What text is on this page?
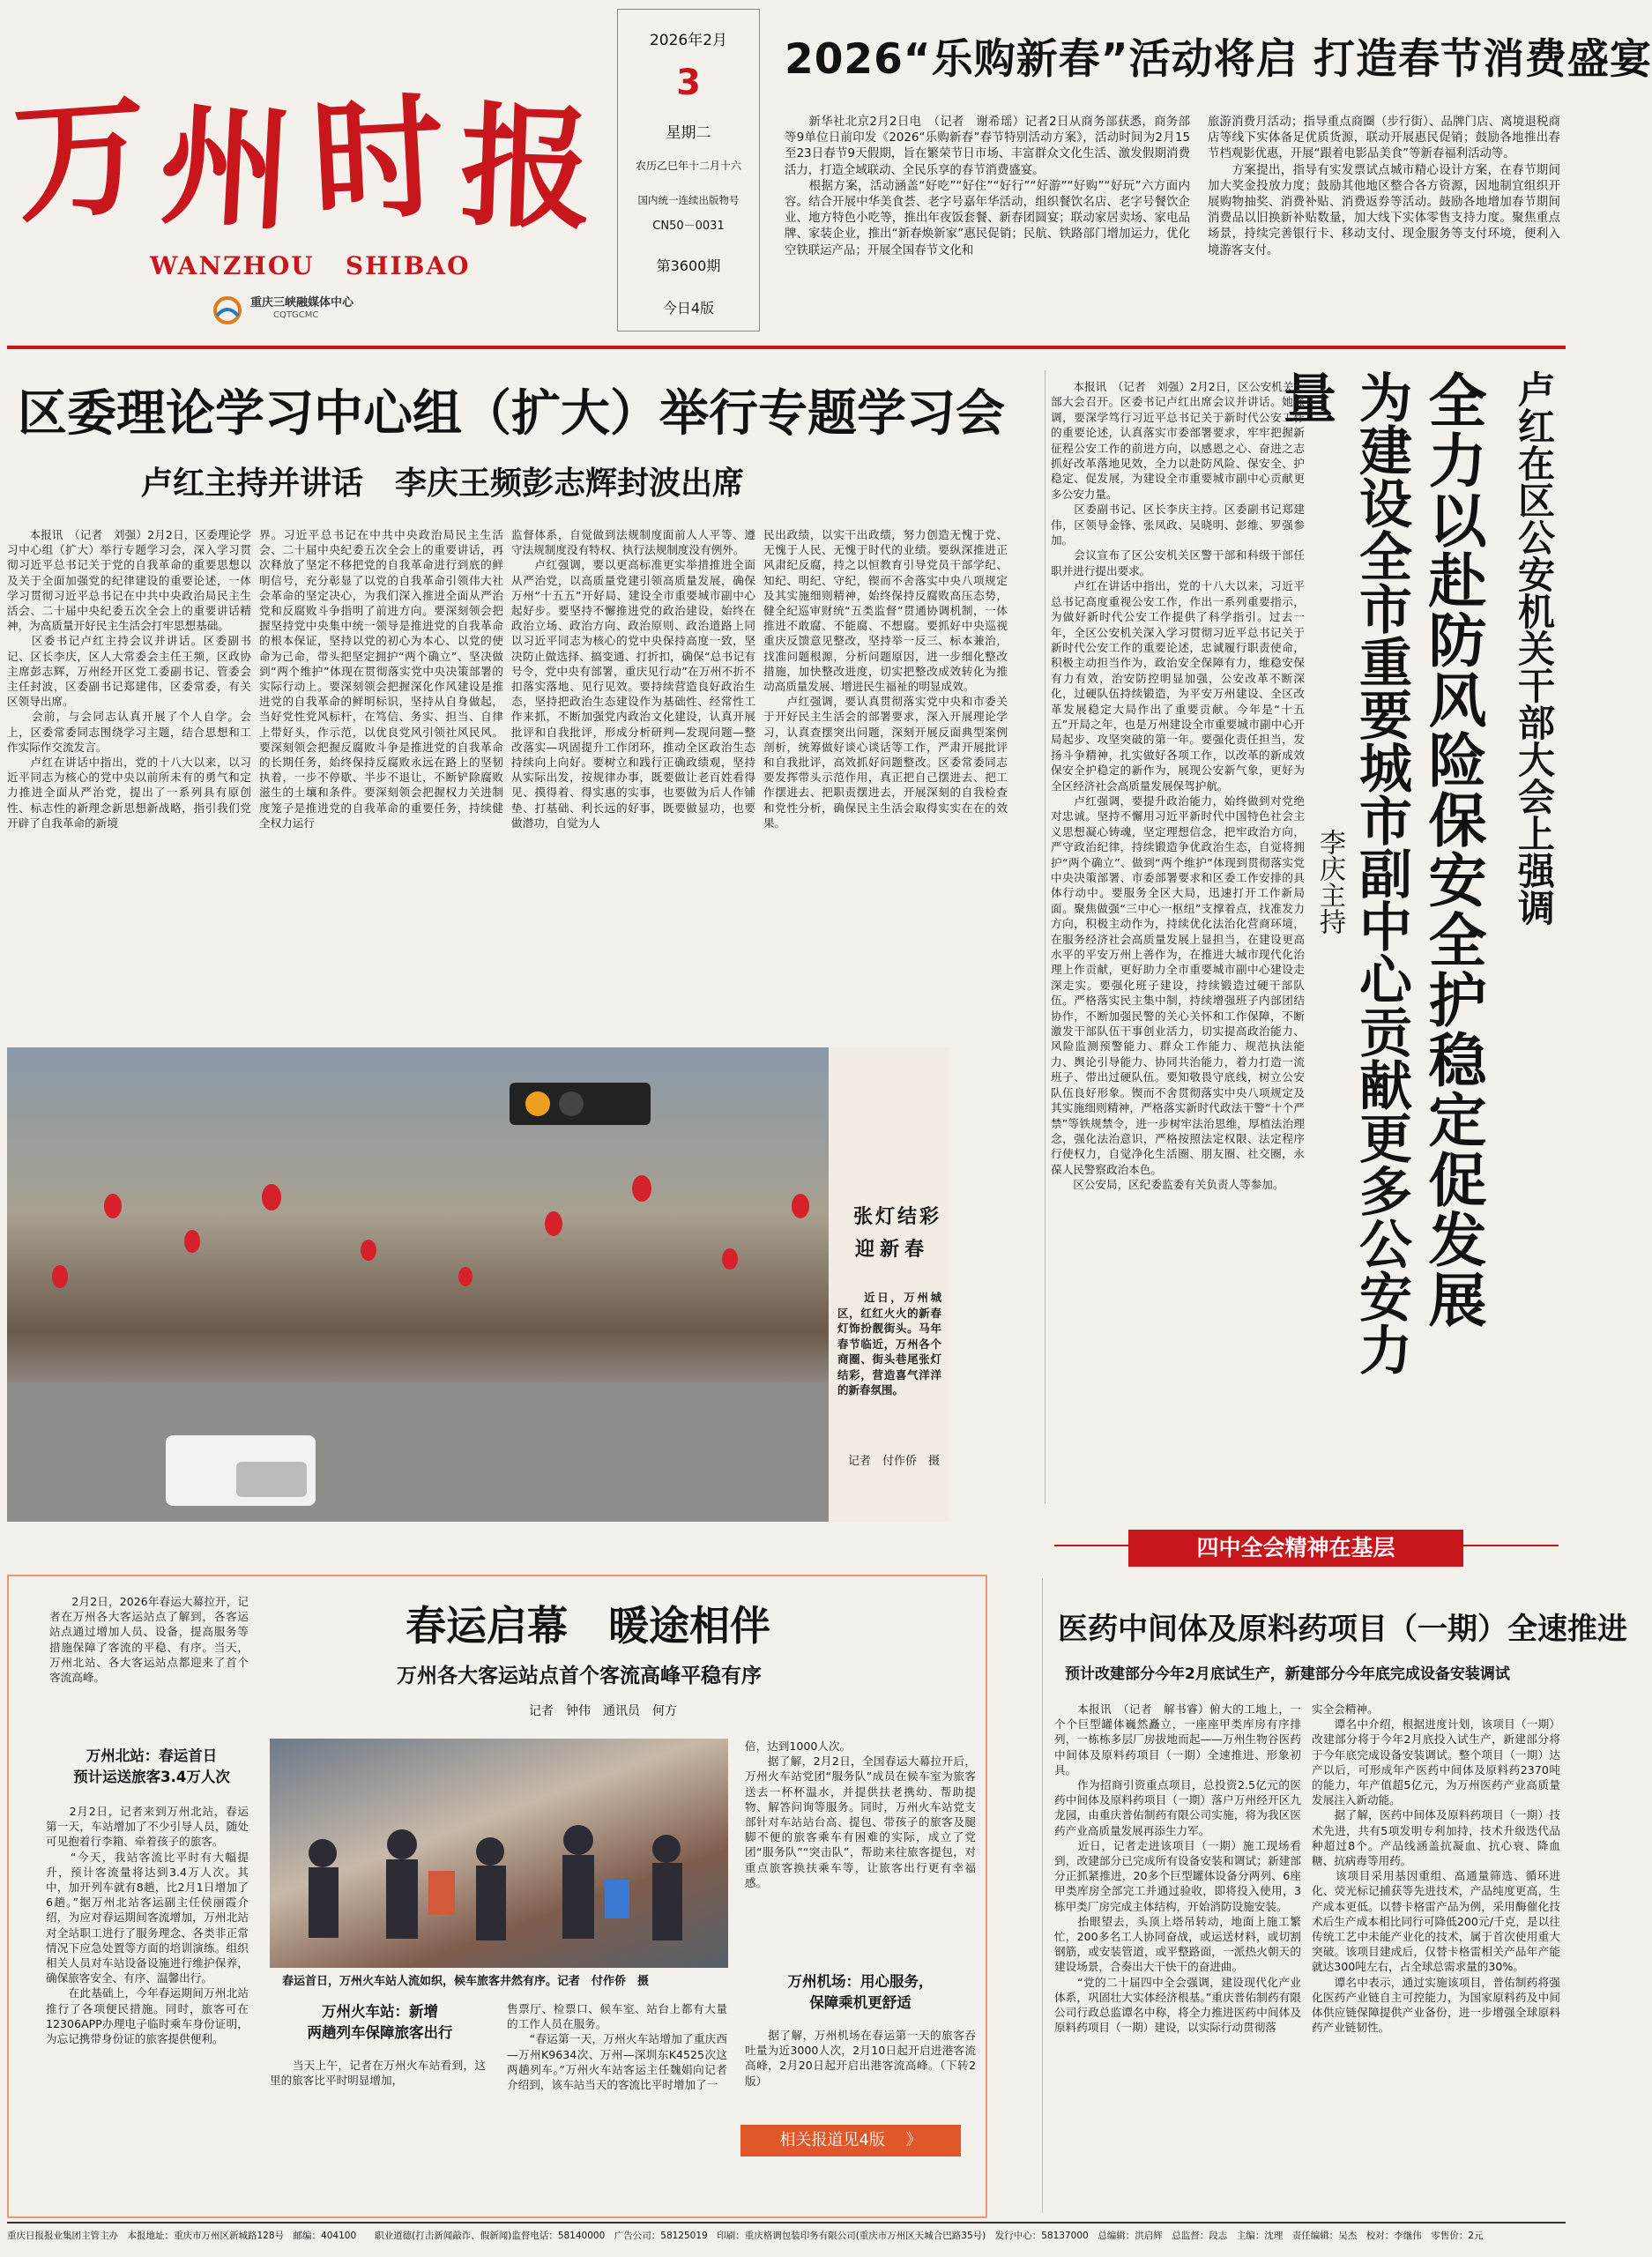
万 州 时 报
WANZHOU   SHIBAO
重庆三峡融媒体中心
CQTGCMC
2026年2月
3
星期二
农历乙巳年十二月十六
国内统一连续出版物号
CN50－0031
第3600期
今日4版
2026“乐购新春”活动将启 打造春节消费盛宴
　　新华社北京2月2日电　（记者　谢希瑶）记者2日从商务部获悉，商务部等9单位日前印发《2026“乐购新春”春节特别活动方案》，活动时间为2月15至23日春节9天假期，旨在繁荣节日市场、丰富群众文化生活、激发假期消费活力，打造全域联动、全民乐享的春节消费盛宴。
　　根据方案，活动涵盖“好吃”“好住”“好行”“好游”“好购”“好玩”六方面内容。结合开展中华美食荟、老字号嘉年华活动，组织餐饮名店、老字号餐饮企业、地方特色小吃等，推出年夜饭套餐、新春团圆宴；联动家居卖场、家电品牌、家装企业，推出“新春焕新家”惠民促销；民航、铁路部门增加运力，优化空铁联运产品；开展全国春节文化和
旅游消费月活动；指导重点商圈（步行街）、品牌门店、离境退税商店等线下实体备足优质货源，联动开展惠民促销；鼓励各地推出春节档观影优惠，开展“跟着电影品美食”等新春福利活动等。
　　方案提出，指导有实发票试点城市精心设计方案，在春节期间加大奖金投放力度；鼓励其他地区整合各方资源，因地制宜组织开展购物抽奖、消费补贴、消费返券等活动。鼓励各地增加春节期间消费品以旧换新补贴数量，加大线下实体零售支持力度。聚焦重点场景，持续完善银行卡、移动支付、现金服务等支付环境，便利入境游客支付。
区委理论学习中心组（扩大）举行专题学习会
卢红主持并讲话　李庆王频彭志辉封波出席
　　本报讯　（记者　刘强）2月2日，区委理论学习中心组（扩大）举行专题学习会，深入学习贯彻习近平总书记关于党的自我革命的重要思想以及关于全面加强党的纪律建设的重要论述，一体学习贯彻习近平总书记在中共中央政治局民主生活会、二十届中央纪委五次全会上的重要讲话精神，为高质量开好民主生活会打牢思想基础。
　　区委书记卢红主持会议并讲话。区委副书记、区长李庆，区人大常委会主任王频，区政协主席彭志辉，万州经开区党工委副书记、管委会主任封波，区委副书记郑建伟，区委常委，有关区领导出席。
　　会前，与会同志认真开展了个人自学。会上，区委常委同志围绕学习主题，结合思想和工作实际作交流发言。
　　卢红在讲话中指出，党的十八大以来，以习近平同志为核心的党中央以前所未有的勇气和定力推进全面从严治党，提出了一系列具有原创性、标志性的新理念新思想新战略，指引我们党开辟了自我革命的新境
界。习近平总书记在中共中央政治局民主生活会、二十届中央纪委五次全会上的重要讲话，再次释放了坚定不移把党的自我革命进行到底的鲜明信号，充分彰显了以党的自我革命引领伟大社会革命的坚定决心，为我们深入推进全面从严治党和反腐败斗争指明了前进方向。要深刻领会把握坚持党中央集中统一领导是推进党的自我革命的根本保证，坚持以党的初心为本心、以党的使命为己命，带头把坚定拥护“两个确立”、坚决做到“两个维护”体现在贯彻落实党中央决策部署的实际行动上。要深刻领会把握深化作风建设是推进党的自我革命的鲜明标识，坚持从自身做起，当好党性党风标杆，在笃信、务实、担当、自律上带好头，作示范，以优良党风引领社风民风。要深刻领会把握反腐败斗争是推进党的自我革命的长期任务，始终保持反腐败永远在路上的坚韧执着，一步不停歇、半步不退让，不断铲除腐败滋生的土壤和条件。要深刻领会把握权力关进制度笼子是推进党的自我革命的重要任务，持续健全权力运行
监督体系，自觉做到法规制度面前人人平等、遵守法规制度没有特权、执行法规制度没有例外。
　　卢红强调，要以更高标准更实举措推进全面从严治党，以高质量党建引领高质量发展，确保万州“十五五”开好局、建设全市重要城市副中心起好步。要坚持不懈推进党的政治建设，始终在政治立场、政治方向、政治原则、政治道路上同以习近平同志为核心的党中央保持高度一致，坚决防止做选择、搞变通、打折扣，确保“总书记有号令，党中央有部署，重庆见行动”在万州不折不扣落实落地、见行见效。要持续营造良好政治生态，坚持把政治生态建设作为基础性、经常性工作来抓，不断加强党内政治文化建设，认真开展批评和自我批评，形成分析研判—发现问题—整改落实—巩固提升工作闭环，推动全区政治生态持续向上向好。要树立和践行正确政绩观，坚持从实际出发，按规律办事，既要做让老百姓看得见、摸得着、得实惠的实事，也要做为后人作铺垫、打基础、利长远的好事，既要做显功，也要做潜功，自觉为人
民出政绩，以实干出政绩，努力创造无愧于党、无愧于人民、无愧于时代的业绩。要纵深推进正风肃纪反腐，持之以恒教育引导党员干部学纪、知纪、明纪、守纪，锲而不舍落实中央八项规定及其实施细则精神，始终保持反腐败高压态势，健全纪巡审财统“五类监督”贯通协调机制，一体推进不敢腐、不能腐、不想腐。要抓好中央巡视重庆反馈意见整改，坚持举一反三、标本兼治，找准问题根源，分析问题原因，进一步细化整改措施，加快整改进度，切实把整改成效转化为推动高质量发展、增进民生福祉的明显成效。
　　卢红强调，要认真贯彻落实党中央和市委关于开好民主生活会的部署要求，深入开展理论学习，认真查摆突出问题，深刻开展反面典型案例剖析，统筹做好谈心谈话等工作，严肃开展批评和自我批评，高效抓好问题整改。区委常委同志要发挥带头示范作用，真正把自己摆进去、把工作摆进去、把职责摆进去，开展深刻的自我检查和党性分析，确保民主生活会取得实实在在的效果。	卢红在区公安机关干部大会上强调
全力以赴防风险保安全护稳定促发展
为建设全市重要城市副中心贡献更多公安力量
李庆主持
　　本报讯　（记者　刘强）2月2日，区公安机关干部大会召开。区委书记卢红出席会议并讲话。她强调，要深学笃行习近平总书记关于新时代公安工作的重要论述，认真落实市委部署要求，牢牢把握新征程公安工作的前进方向，以感恩之心、奋进之志抓好改革落地见效，全力以赴防风险、保安全、护稳定、促发展，为建设全市重要城市副中心贡献更多公安力量。
　　区委副书记、区长李庆主持。区委副书记郑建伟，区领导金锋、张凤政、吴晓明、彭维、罗强参加。
　　会议宣布了区公安机关区警干部和科级干部任职并进行提出要求。
　　卢红在讲话中指出，党的十八大以来，习近平总书记高度重视公安工作，作出一系列重要指示，为做好新时代公安工作提供了科学指引。过去一年，全区公安机关深入学习贯彻习近平总书记关于新时代公安工作的重要论述，忠诚履行职责使命，积极主动担当作为，政治安全保障有力，维稳安保有力有效，治安防控明显加强，公安改革不断深化，过硬队伍持续锻造，为平安万州建设、全区改革发展稳定大局作出了重要贡献。今年是“十五五”开局之年，也是万州建设全市重要城市副中心开局起步、攻坚突破的第一年。要强化责任担当，发扬斗争精神，扎实做好各项工作，以改革的新成效保安全护稳定的新作为，展现公安新气象，更好为全区经济社会高质量发展保驾护航。
　　卢红强调，要提升政治能力，始终做到对党绝对忠诚。坚持不懈用习近平新时代中国特色社会主义思想凝心铸魂，坚定理想信念，把牢政治方向，严守政治纪律，持续锻造争优政治生态，自觉将拥护“两个确立”、做到“两个维护”体现到贯彻落实党中央决策部署、市委部署要求和区委工作安排的具体行动中。要服务全区大局，迅速打开工作新局面。聚焦做强“三中心一枢纽”支撑着点，找准发力方向，积极主动作为，持续优化法治化营商环境，在服务经济社会高质量发展上显担当，在建设更高水平的平安万州上善作为，在推进大城市现代化治理上作贡献，更好助力全市重要城市副中心建设走深走实。要强化班子建设，持续锻造过硬干部队伍。严格落实民主集中制，持续增强班子内部团结协作，不断加强民警的关心关怀和工作保障，不断激发干部队伍干事创业活力，切实提高政治能力、风险监测预警能力、群众工作能力、规范执法能力、舆论引导能力、协同共治能力，着力打造一流班子、带出过硬队伍。要知敬畏守底线，树立公安队伍良好形象。锲而不舍贯彻落实中央八项规定及其实施细则精神，严格落实新时代政法干警“十个严禁”等铁规禁令，进一步树牢法治思维，厚植法治理念，强化法治意识，严格按照法定权限、法定程序行使权力，自觉净化生活圈、朋友圈、社交圈，永葆人民警察政治本色。
　　区公安局，区纪委监委有关负责人等参加。
张灯结彩
迎新春
　　近日，万州城区，红红火火的新春灯饰扮靓街头。马年春节临近，万州各个商圈、街头巷尾张灯结彩，营造喜气洋洋的新春氛围。
记者　付作侨　摄
　　2月2日，2026年春运大幕拉开，记者在万州各大客运站点了解到，各客运站点通过增加人员、设备，提高服务等措施保障了客流的平稳、有序。当天，万州北站、各大客运站点都迎来了首个客流高峰。
春运启幕　暖途相伴
万州各大客运站点首个客流高峰平稳有序
记者　钟伟　通讯员　何方
万州北站：春运首日
预计运送旅客3.4万人次
　　2月2日，记者来到万州北站，春运第一天，车站增加了不少引导人员，随处可见抱着行李箱、牵着孩子的旅客。
　　“今天，我站客流比平时有大幅提升，预计客流量将达到3.4万人次。其中，加开列车就有8趟，比2月1日增加了6趟。”据万州北站客运副主任侯丽霞介绍，为应对春运期间客流增加，万州北站对全站职工进行了服务理念、各类非正常情况下应急处置等方面的培训演练。组织相关人员对车站设备设施进行维护保养，确保旅客安全、有序、温馨出行。
　　在此基础上，今年春运期间万州北站推行了各项便民措施。同时，旅客可在12306APP办理电子临时乘车身份证明，为忘记携带身份证的旅客提供便利。
春运首日，万州火车站人流如织，候车旅客井然有序。记者　付作侨　摄
万州火车站：新增
两趟列车保障旅客出行
　　当天上午，记者在万州火车站看到，这里的旅客比平时明显增加，
售票厅、检票口、候车室、站台上都有大量的工作人员在服务。
　　“春运第一天，万州火车站增加了重庆西—万州K9634次、万州—深圳东K4525次这两趟列车。”万州火车站客运主任魏娟向记者介绍到，该车站当天的客流比平时增加了一
倍，达到1000人次。
　　据了解，2月2日，全国春运大幕拉开后，万州火车站党团“服务队”成员在候车室为旅客送去一杯杯温水，并提供扶老携幼、帮助提物、解答问询等服务。同时，万州火车站党支部针对车站站台高、提包、带孩子的旅客及腿脚不便的旅客乘车有困难的实际，成立了党团“服务队”“突击队”，帮助来往旅客提包，对重点旅客换扶乘车等，让旅客出行更有幸福感。
万州机场：用心服务，
保障乘机更舒适
　　据了解，万州机场在春运第一天的旅客吞吐量为近3000人次，2月10日起开启进港客流高峰，2月20日起开启出港客流高峰。（下转2版）
相关报道见4版 　》
四中全会精神在基层
医药中间体及原料药项目（一期）全速推进
预计改建部分今年2月底试生产，新建部分今年底完成设备安装调试
　　本报讯　（记者　解书睿）俯大的工地上，一个个巨型罐体巍然矗立，一座座甲类库房有序排列，一栋栋多层厂房拔地而起——万州生物谷医药中间体及原料药项目（一期）全速推进、形象初具。
　　作为招商引资重点项目，总投资2.5亿元的医药中间体及原料药项目（一期）落户万州经开区九龙园，由重庆普佑制药有限公司实施，将为我区医药产业高质量发展再添生力军。
　　近日，记者走进该项目（一期）施工现场看到，改建部分已完成所有设备安装和调试；新建部分正抓紧推进，20多个巨型罐体设备分两列、6座甲类库房全部完工并通过验收，即将投入使用，3栋甲类厂房完成主体结构，开始消防设施安装。
　　抬眼望去，头顶上塔吊转动，地面上施工繁忙，200多名工人协同奋战，或运送材料，或切割钢筋，或安装管道，或平整路面，一派热火朝天的建设场景，合奏出大干快干的奋进曲。
　　“党的二十届四中全会强调，建设现代化产业体系，巩固壮大实体经济根基。”重庆普佑制药有限公司行政总监谭名中称，将全力推进医药中间体及原料药项目（一期）建设，以实际行动贯彻落
实全会精神。
　　谭名中介绍，根据进度计划，该项目（一期）改建部分将于今年2月底投入试生产，新建部分将于今年底完成设备安装调试。整个项目（一期）达产以后，可形成年产医药中间体及原料药2370吨的能力，年产值超5亿元，为万州医药产业高质量发展注入新动能。
　　据了解，医药中间体及原料药项目（一期）技术先进，共有5项发明专利加持，技术升级迭代品种超过8个。产品线涵盖抗凝血、抗心衰、降血糖、抗病毒等用药。
　　该项目采用基因重组、高通量筛选、循环进化、荧光标记捕获等先进技术，产品纯度更高，生产成本更低。以替卡格雷产品为例，采用酶催化技术后生产成本相比同行可降低200元/千克，是以往传统工艺中未能产业化的技术，属于首次使用重大突破。该项目建成后，仅替卡格雷相关产品年产能就达300吨左右，占全球总需求量的30%。
　　谭名中表示，通过实施该项目，普佑制药将强化医药产业链自主可控能力，为国家原料药及中间体供应链保障提供产业备份，进一步增强全球原料药产业链韧性。
重庆日报报业集团主管主办　本报地址：重庆市万州区新城路128号　邮编：404100　　职业道德(打击新闻敲诈、假新闻)监督电话：58140000　广告公司：58125019　印刷：重庆格调包装印务有限公司(重庆市万州区天城合巴路35号)　发行中心：58137000　总编辑：洪启辉　总监督：段志　主编：沈理　责任编辑：吴杰　校对：李继伟　零售价：2元
